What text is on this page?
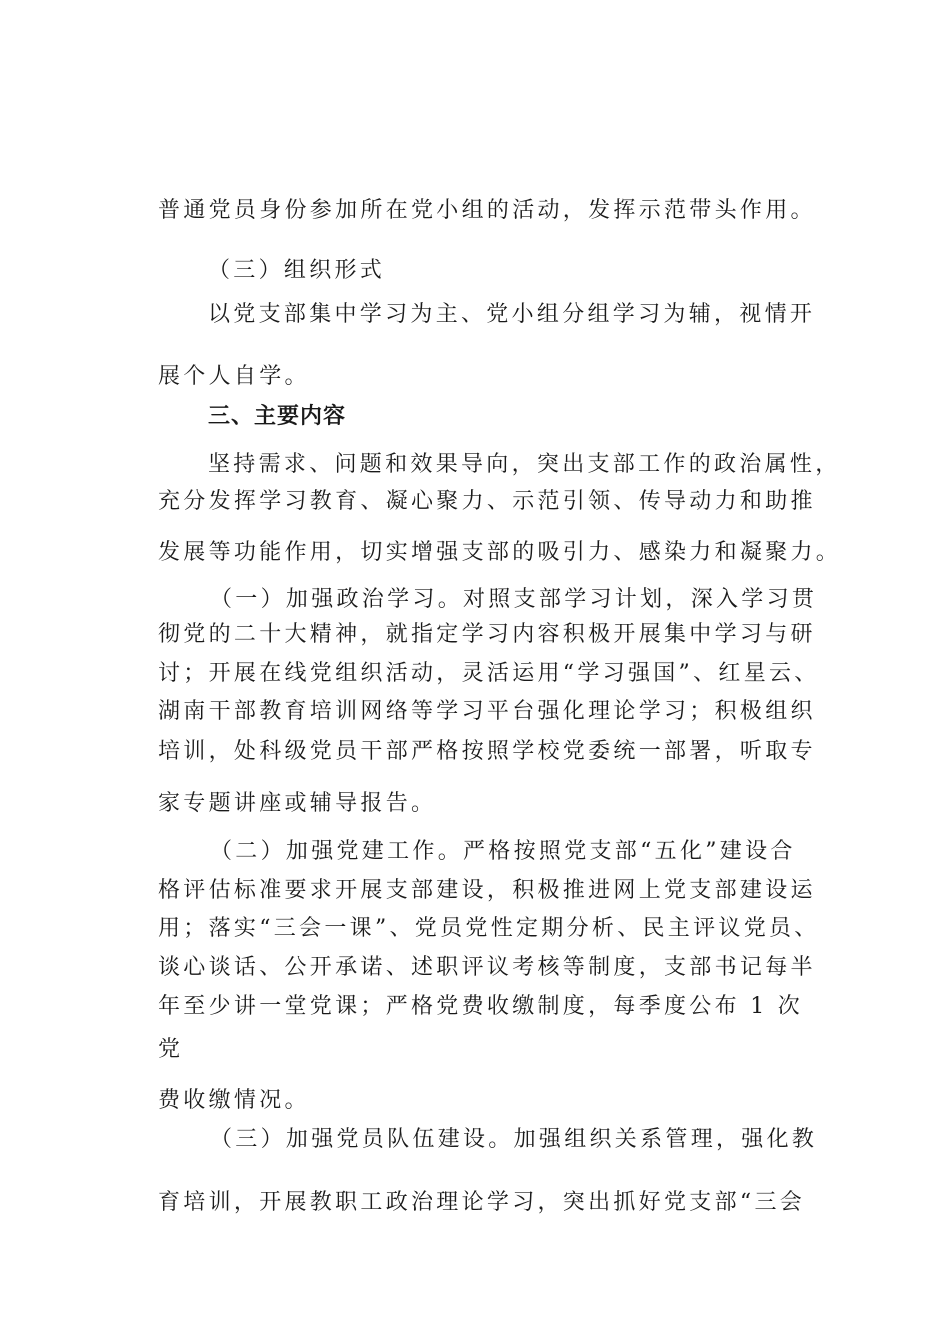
普通党员身份参加所在党小组的活动，发挥示范带头作用。
（三）组织形式
以党支部集中学习为主、党小组分组学习为辅，视情开
展个人自学。
三、主要内容
坚持需求、问题和效果导向，突出支部工作的政治属性，
充分发挥学习教育、凝心聚力、示范引领、传导动力和助推
发展等功能作用，切实增强支部的吸引力、感染力和凝聚力。
（一）加强政治学习。对照支部学习计划，深入学习贯
彻党的二十大精神，就指定学习内容积极开展集中学习与研
讨；开展在线党组织活动，灵活运用“学习强国”、红星云、
湖南干部教育培训网络等学习平台强化理论学习；积极组织
培训，处科级党员干部严格按照学校党委统一部署，听取专
家专题讲座或辅导报告。
（二）加强党建工作。严格按照党支部“五化”建设合
格评估标准要求开展支部建设，积极推进网上党支部建设运
用；落实“三会一课”、党员党性定期分析、民主评议党员、
谈心谈话、公开承诺、述职评议考核等制度，支部书记每半
年至少讲一堂党课；严格党费收缴制度，每季度公布 1 次
党
费收缴情况。
（三）加强党员队伍建设。加强组织关系管理，强化教
育培训，开展教职工政治理论学习，突出抓好党支部“三会
